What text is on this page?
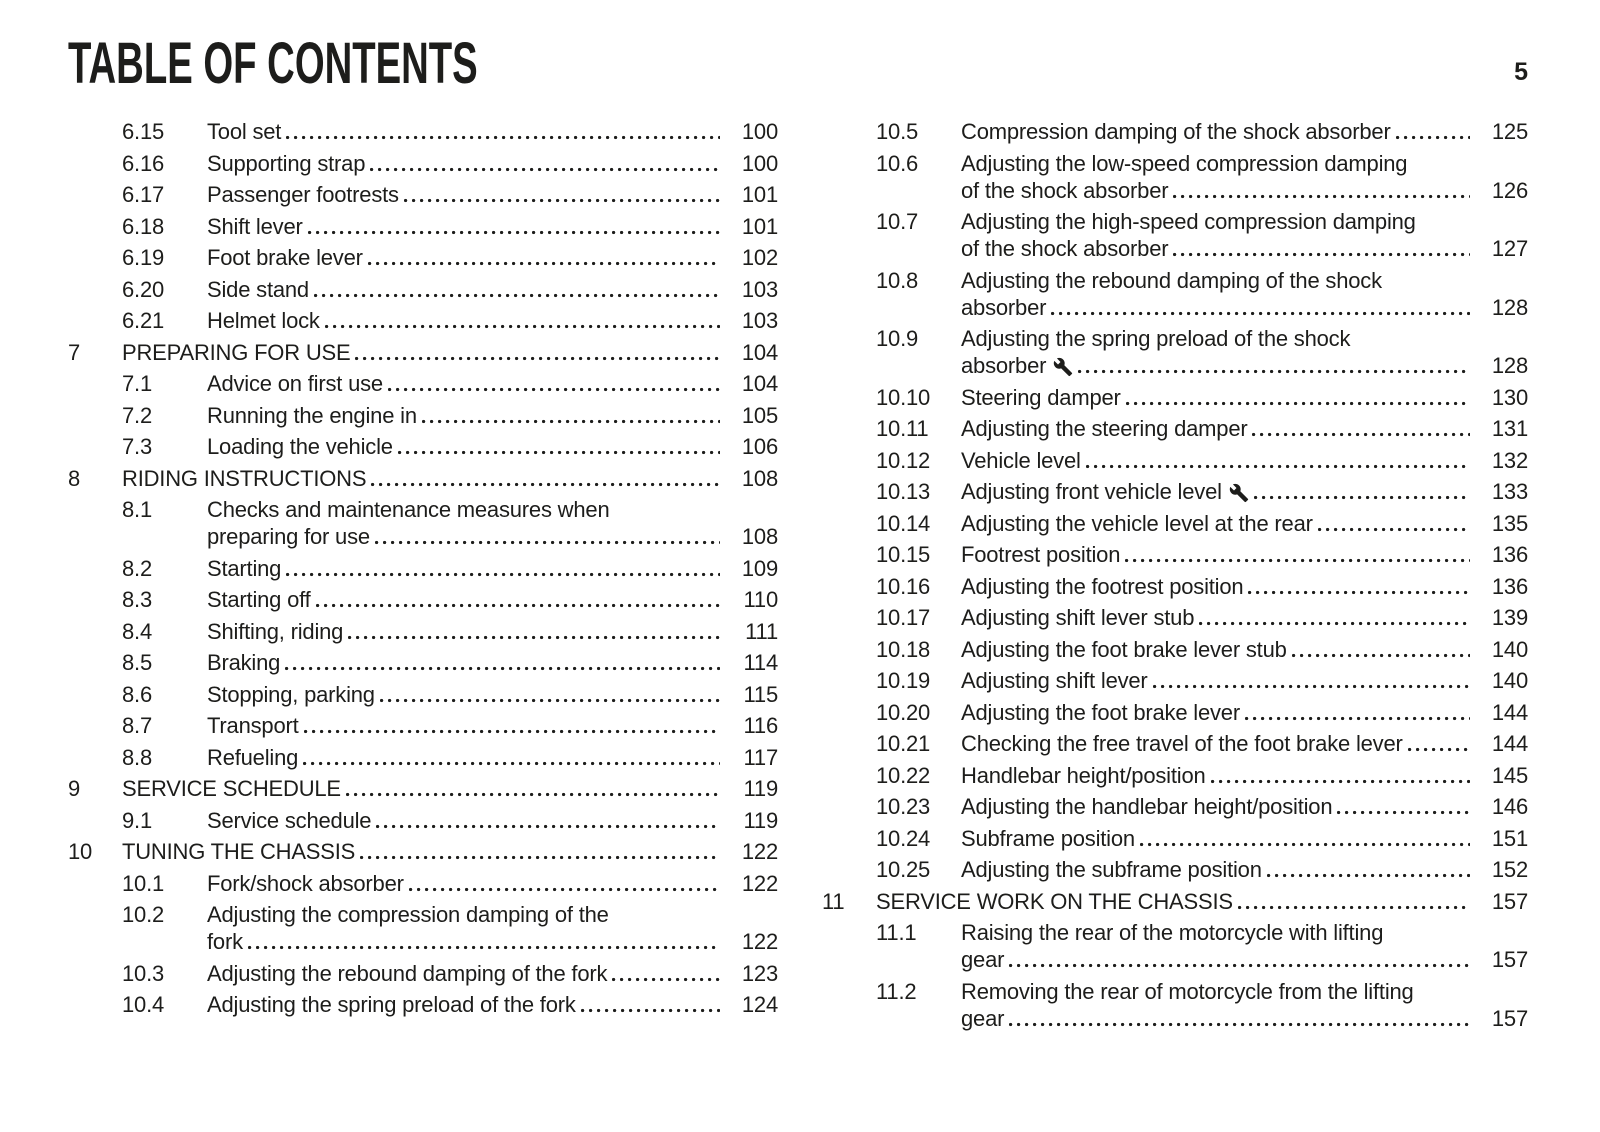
TABLE OF CONTENTS	5
6.15	Tool set	100
6.16	Supporting strap	100
6.17	Passenger footrests	101
6.18	Shift lever	101
6.19	Foot brake lever	102
6.20	Side stand	103
6.21	Helmet lock	103
7	PREPARING FOR USE	104
7.1	Advice on first use	104
7.2	Running the engine in	105
7.3	Loading the vehicle	106
8	RIDING INSTRUCTIONS	108
8.1	Checks and maintenance measures when
preparing for use	108
8.2	Starting	109
8.3	Starting off	110
8.4	Shifting, riding	111
8.5	Braking	114
8.6	Stopping, parking	115
8.7	Transport	116
8.8	Refueling	117
9	SERVICE SCHEDULE	119
9.1	Service schedule	119
10	TUNING THE CHASSIS	122
10.1	Fork/shock absorber	122
10.2	Adjusting the compression damping of the
fork	122
10.3	Adjusting the rebound damping of the fork	123
10.4	Adjusting the spring preload of the fork	124
10.5	Compression damping of the shock absorber	125
10.6	Adjusting the low-speed compression damping
of the shock absorber	126
10.7	Adjusting the high-speed compression damping
of the shock absorber	127
10.8	Adjusting the rebound damping of the shock
absorber	128
10.9	Adjusting the spring preload of the shock
absorber	128
10.10	Steering damper	130
10.11	Adjusting the steering damper	131
10.12	Vehicle level	132
10.13	Adjusting front vehicle level	133
10.14	Adjusting the vehicle level at the rear	135
10.15	Footrest position	136
10.16	Adjusting the footrest position	136
10.17	Adjusting shift lever stub	139
10.18	Adjusting the foot brake lever stub	140
10.19	Adjusting shift lever	140
10.20	Adjusting the foot brake lever	144
10.21	Checking the free travel of the foot brake lever	144
10.22	Handlebar height/position	145
10.23	Adjusting the handlebar height/position	146
10.24	Subframe position	151
10.25	Adjusting the subframe position	152
11	SERVICE WORK ON THE CHASSIS	157
11.1	Raising the rear of the motorcycle with lifting
gear	157
11.2	Removing the rear of motorcycle from the lifting
gear	157
